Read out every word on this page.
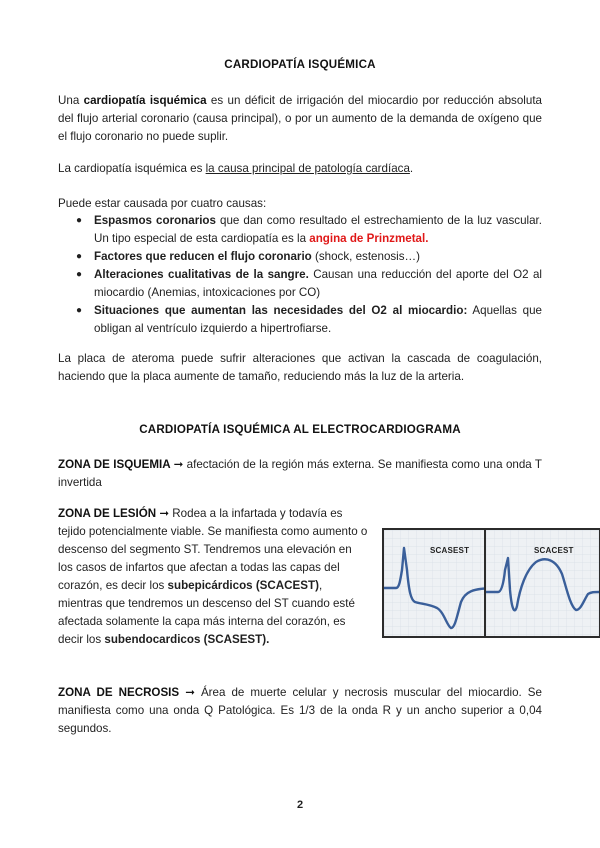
CARDIOPATÍA ISQUÉMICA
Una cardiopatía isquémica es un déficit de irrigación del miocardio por reducción absoluta del flujo arterial coronario (causa principal), o por un aumento de la demanda de oxígeno que el flujo coronario no puede suplir.
La cardiopatía isquémica es la causa principal de patología cardíaca.
Puede estar causada por cuatro causas:
● Espasmos coronarios que dan como resultado el estrechamiento de la luz vascular. Un tipo especial de esta cardiopatía es la angina de Prinzmetal.
● Factores que reducen el flujo coronario (shock, estenosis…)
● Alteraciones cualitativas de la sangre. Causan una reducción del aporte del O2 al miocardio (Anemias, intoxicaciones por CO)
● Situaciones que aumentan las necesidades del O2 al miocardio: Aquellas que obligan al ventrículo izquierdo a hipertrofiarse.
La placa de ateroma puede sufrir alteraciones que activan la cascada de coagulación, haciendo que la placa aumente de tamaño, reduciendo más la luz de la arteria.
CARDIOPATÍA ISQUÉMICA AL ELECTROCARDIOGRAMA
ZONA DE ISQUEMIA ➞ afectación de la región más externa. Se manifiesta como una onda T invertida
ZONA DE LESIÓN ➞ Rodea a la infartada y todavía es tejido potencialmente viable. Se manifiesta como aumento o descenso del segmento ST. Tendremos una elevación en los casos de infartos que afectan a todas las capas del corazón, es decir los subepicárdicos (SCACEST), mientras que tendremos un descenso del ST cuando esté afectada solamente la capa más interna del corazón, es decir los subendocardicos (SCASEST).
SCASEST	SCACEST
ZONA DE NECROSIS ➞ Área de muerte celular y necrosis muscular del miocardio. Se manifiesta como una onda Q Patológica. Es 1/3 de la onda R y un ancho superior a 0,04 segundos.
2
